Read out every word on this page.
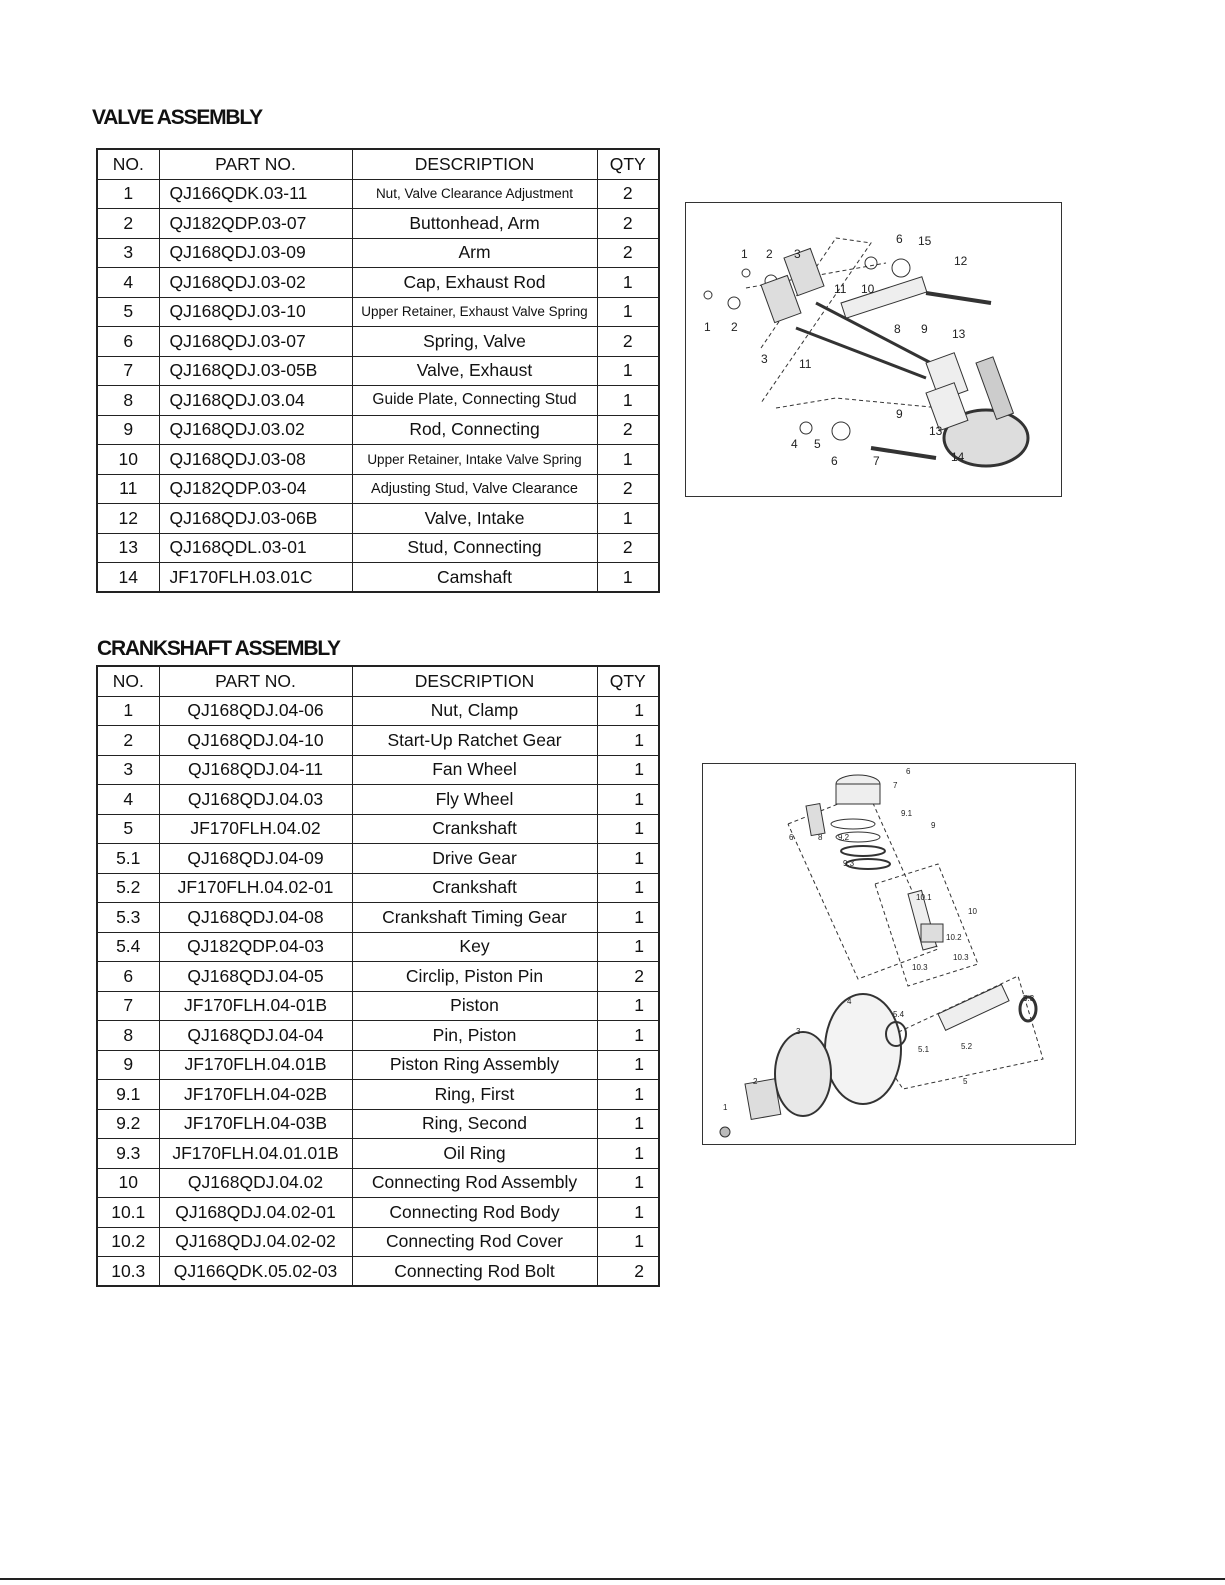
VALVE ASSEMBLY
NO.	PART NO.	DESCRIPTION	QTY
1	QJ166QDK.03-11	Nut, Valve Clearance Adjustment	2
2	QJ182QDP.03-07	Buttonhead, Arm	2
3	QJ168QDJ.03-09	Arm	2
4	QJ168QDJ.03-02	Cap, Exhaust Rod	1
5	QJ168QDJ.03-10	Upper Retainer, Exhaust Valve Spring	1
6	QJ168QDJ.03-07	Spring, Valve	2
7	QJ168QDJ.03-05B	Valve, Exhaust	1
8	QJ168QDJ.03.04	Guide Plate, Connecting Stud	1
9	QJ168QDJ.03.02	Rod, Connecting	2
10	QJ168QDJ.03-08	Upper Retainer, Intake Valve Spring	1
11	QJ182QDP.03-04	Adjusting Stud, Valve Clearance	2
12	QJ168QDJ.03-06B	Valve, Intake	1
13	QJ168QDL.03-01	Stud, Connecting	2
14	JF170FLH.03.01C	Camshaft	1
1 2 3
6 15
12
10
11
8 9 13
1 2
3	11
9
13
4 5
6	7	14
CRANKSHAFT ASSEMBLY
NO.	PART NO.	DESCRIPTION	QTY
1	QJ168QDJ.04-06	Nut, Clamp	1
2	QJ168QDJ.04-10	Start-Up Ratchet Gear	1
3	QJ168QDJ.04-11	Fan Wheel	1
4	QJ168QDJ.04.03	Fly Wheel	1
5	JF170FLH.04.02	Crankshaft	1
5.1	QJ168QDJ.04-09	Drive Gear	1
5.2	JF170FLH.04.02-01	Crankshaft	1
5.3	QJ168QDJ.04-08	Crankshaft Timing Gear	1
5.4	QJ182QDP.04-03	Key	1
6	QJ168QDJ.04-05	Circlip, Piston Pin	2
7	JF170FLH.04-01B	Piston	1
8	QJ168QDJ.04-04	Pin, Piston	1
9	JF170FLH.04.01B	Piston Ring Assembly	1
9.1	JF170FLH.04-02B	Ring, First	1
9.2	JF170FLH.04-03B	Ring, Second	1
9.3	JF170FLH.04.01.01B	Oil Ring	1
10	QJ168QDJ.04.02	Connecting Rod Assembly	1
10.1	QJ168QDJ.04.02-01	Connecting Rod Body	1
10.2	QJ168QDJ.04.02-02	Connecting Rod Cover	1
10.3	QJ166QDK.05.02-03	Connecting Rod Bolt	2
6
7
8
6
9.1
9
9.2
9.3
10.1
10
10.2
10.3
10.3
5.3
4
5.4
3
5.1	5.2
2	5
1
